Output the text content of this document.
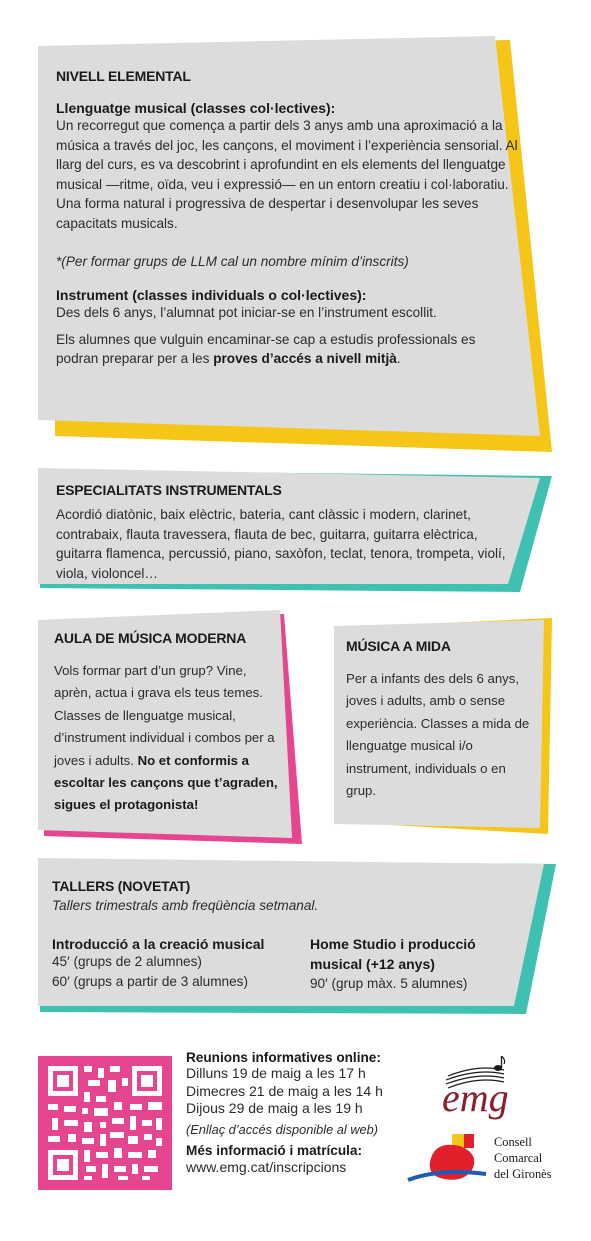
NIVELL ELEMENTAL
Llenguatge musical (classes col·lectives):

Un recorregut que comença a partir dels 3 anys amb una aproximació a la música a través del joc, les cançons, el moviment i l’experiència sensorial. Al llarg del curs, es va descobrint i aprofundint en els elements del llenguatge musical —ritme, oïda, veu i expressió— en un entorn creatiu i col·laboratiu. Una forma natural i progressiva de despertar i desenvolupar les seves capacitats musicals.

*(Per formar grups de LLM cal un nombre mínim d’inscrits)

Instrument (classes individuals o col·lectives):

Des dels 6 anys, l’alumnat pot iniciar-se en l’instrument escollit.

Els alumnes que vulguin encaminar-se cap a estudis professionals es podran preparar per a les proves d’accés a nivell mitjà.

ESPECIALITATS INSTRUMENTALS

Acordió diatònic, baix elèctric, bateria, cant clàssic i modern, clarinet, contrabaix, flauta travessera, flauta de bec, guitarra, guitarra elèctrica, guitarra flamenca, percussió, piano, saxòfon, teclat, tenora, trompeta, violí, viola, violoncel…

AULA DE MÚSICA MODERNA

Vols formar part d’un grup? Vine, aprèn, actua i grava els teus temes. Classes de llenguatge musical, d’instrument individual i combos per a joves i adults. No et conformis a escoltar les cançons que t’agraden, sigues el protagonista!

MÚSICA A MIDA

Per a infants des dels 6 anys, joves i adults, amb o sense experiència. Classes a mida de llenguatge musical i/o instrument, individuals o en grup.

TALLERS (NOVETAT)

Tallers trimestrals amb freqüència setmanal.

Introducció a la creació musical

45′ (grups de 2 alumnes)

60′ (grups a partir de 3 alumnes)

Home Studio i producció musical (+12 anys)

90′ (grup màx. 5 alumnes)

Reunions informatives online:

Dilluns 19 de maig a les 17 h

Dimecres 21 de maig a les 14 h

Dijous 29 de maig a les 19 h

(Enllaç d’accés disponible al web)

Més informació i matrícula:

www.emg.cat/inscripcions

emg
Consell
Comarcal
del Gironès
